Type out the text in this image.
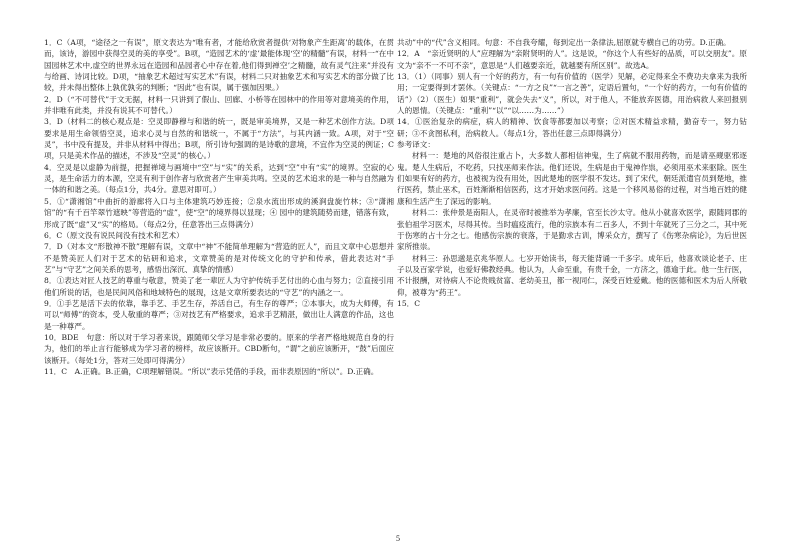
1．C（A项，“途径之一有误”，原文表达为“唯有者，才能给欣赏者提供‘对物象产生距离’的载体，在贯而，该诗，游园中获得空灵的美的享受”。B项，“造园艺术的‘虚’最能体现‘空’的精髓”有误，材料一“在中国园林艺术中,虚空的世界永远在造园和品园者心中存在着,他们得到禅空’之精髓，故有灵气注来”并没有与给画、诗词比较。D项，“抽象艺术超过写实艺术”有误，材料二只对抽象艺术和写实艺术的部分做了比较，并未得出整体上孰优孰劣的判断；“因此”也有误，属于强加因果。）

2．D（“不可替代”于文无据，材料一只讲到了假山、回廊、小桥等在园林中的作用等对意境美的作用，并非唯有此类，并没有说其不可替代。）

3．D（材料二的核心观点是：空灵即静穆与和谐的统一，既是审美境界，又是一种艺术创作方法。D项要求是用生命领悟空灵，追求心灵与自然的和谐统一，不属于“方法”，与其内涵一致。A项，对于“空灵”，书中没有提及，并非从材料中得出；B项，所引诗句强调的是诗歌的意境，不宜作为空灵的例证；C项，只是美术作品的描述，不涉及“空灵”的核心。）

4．空灵是以虚静为前提，把握禅境与画境中“空”与“实”的关系，达到“空”中有“实”的境界。空寂的心灵，是生命活力的本源，空灵有利于创作者与欣赏者产生审美共鸣。空灵的艺术追求的是一种与自然融为一体的和谐之美。（每点1分，共4分。意思对即可。）

5．①“潇湘馆”中曲折的游廊将入口与主体建筑巧妙连接；②泉水流出形成的溪涧盘旋竹林；③“潇湘馆”的“有千百竿翠竹遮映”等营造的“虚”，使“空”的境界得以显现；④ 园中的建筑随势而建，错落有致，形成了既“虚”又“实”的格局。（每点2分，任意答出三点得满分）

6．C（原文没有说民间没有技术和艺术）

7．D（对本文“形散神不散”理解有误，文章中“神”不能简单理解为“营造的匠人”，而且文章中心思想并不是赞美匠人们对于艺术的钻研和追求，文章赞美的是对传统文化的守护和传承，借此表达对“手艺”与“守艺”之间关系的思考，感悟出深沉、真挚的情感）

8．①表达对匠人技艺的尊重与敬意，赞美了老一辈匠人为守护传统手艺付出的心血与努力；②直接引用他们所说的话，也是民间风俗和地域特色的展现，这是文章所要表达的“守艺”的内涵之一。

9．①手艺是活下去的依靠，靠手艺、手艺生存，养活自己，有生存的尊严；②本事大，成为大师傅，有可以“师傅”的资本，受人敬重的尊严；③对技艺有严格要求，追求手艺精湛，做出让人满意的作品，这也是一种尊严。

10．BDE　句意：所以对于学习者来说，跟随师父学习是非常必要的。原来的学者严格地规范自身的行为，他们的举止言行能够成为学习者的榜样，故应该断开。CBD断句，“谓”之前应该断开，“鼓”后面应该断开。（每处1分，答对三处即可得满分）

11．C　A.正确。B.正确，C项理解错误。“所以”表示凭借的手段，而非表原因的“所以”。D.正确。

共动”中的“代”含义相同。句意：不自我夸耀，每到定出一条律法,屈原就专横自己的功劳。D.正确。

12．A　“亲近贤明的人”应理解为“亲附贤明的人”。这是说，“你这个人有些好的品质，可以交朋友”。原文为“亲不一不可不亲”，意思是“人们越要亲近，就越要有所区别”。故选A。

13．（1）（同事）别人有一个好的药方，有一句有价值的（医学）见解，必定得来全不费功夫拿来为我所用；一定要得到才罢休。（关键点：“一方之良”“一言之善”，定语后置句，“一个好的药方，一句有价值的话”）（2）（医生）如果“重利”，就会失去“义”，所以，对于他人，不能放弃医德，用治病救人来回报别人的恩情。（关键点：“重利”“以”“以……为……”）

14．①医治复杂的病症，病人的精神、饮食等都要加以考察；②对医术精益求精，勤奋专一，努力钻研；③不贪图私利，治病救人。（每点1分，答出任意三点即得满分）

参考译文：

材料一：楚地的风俗很注重占卜，大多数人都相信神鬼，生了病就不服用药物，而是请巫觋驱邪逐鬼。楚人生病后，不吃药，只找巫师来作法。他们还说，生病是由于鬼神作祟，必须用巫术来驱除。医生们如果有好的药方，也被视为没有用处，因此楚地的医学很不发达。到了宋代，朝廷派遣官员到楚地，推行医药，禁止巫术，百姓渐渐相信医药，这才开始求医问药。这是一个移风易俗的过程，对当地百姓的健康和生活产生了深远的影响。

材料二：张仲景是南阳人，在灵帝时被推举为孝廉，官至长沙太守。他从小就喜欢医学，跟随同郡的张伯祖学习医术，尽得其传。当时瘟疫流行，他的宗族本有二百多人，不到十年就死了三分之二，其中死于伤寒的占十分之七。他感伤宗族的衰落，于是勤求古训，博采众方，撰写了《伤寒杂病论》，为后世医家所推崇。

材料三：孙思邈是京兆华原人。七岁开始读书，每天能背诵一千多字。成年后，他喜欢谈论老子、庄子以及百家学说，也爱好佛教经典。他认为，人命至重，有贵千金，一方济之，德逾于此。他一生行医，不计报酬，对待病人不论贵贱贫富、老幼美丑，都一视同仁，深受百姓爱戴。他的医德和医术为后人所敬仰，被尊为“药王”。

15．C

5
